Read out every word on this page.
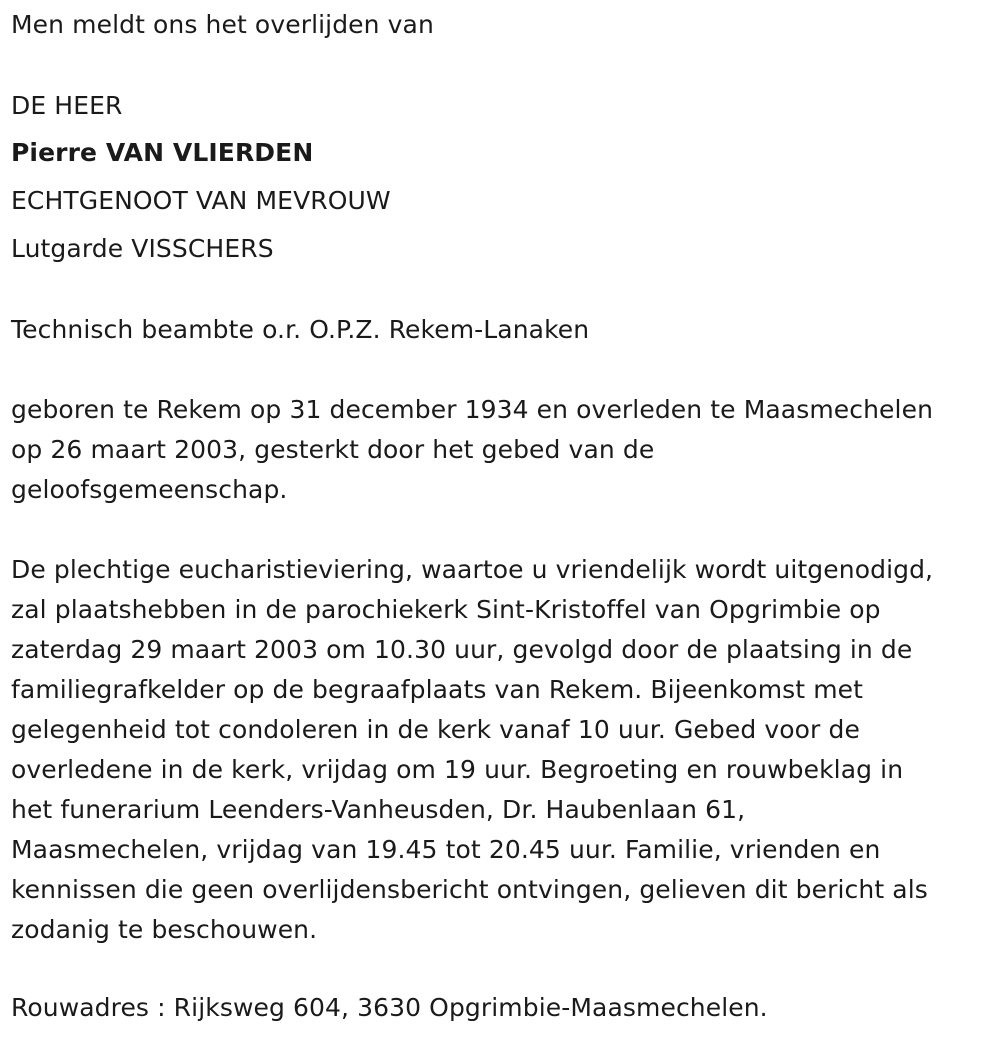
Men meldt ons het overlijden van
DE HEER
Pierre VAN VLIERDEN
ECHTGENOOT VAN MEVROUW
Lutgarde VISSCHERS
Technisch beambte o.r. O.P.Z. Rekem-Lanaken
geboren te Rekem op 31 december 1934 en overleden te Maasmechelen
op 26 maart 2003, gesterkt door het gebed van de
geloofsgemeenschap.
De plechtige eucharistieviering, waartoe u vriendelijk wordt uitgenodigd,
zal plaatshebben in de parochiekerk Sint-Kristoffel van Opgrimbie op
zaterdag 29 maart 2003 om 10.30 uur, gevolgd door de plaatsing in de
familiegrafkelder op de begraafplaats van Rekem. Bijeenkomst met
gelegenheid tot condoleren in de kerk vanaf 10 uur. Gebed voor de
overledene in de kerk, vrijdag om 19 uur. Begroeting en rouwbeklag in
het funerarium Leenders-Vanheusden, Dr. Haubenlaan 61,
Maasmechelen, vrijdag van 19.45 tot 20.45 uur. Familie, vrienden en
kennissen die geen overlijdensbericht ontvingen, gelieven dit bericht als
zodanig te beschouwen.
Rouwadres : Rijksweg 604, 3630 Opgrimbie-Maasmechelen.
